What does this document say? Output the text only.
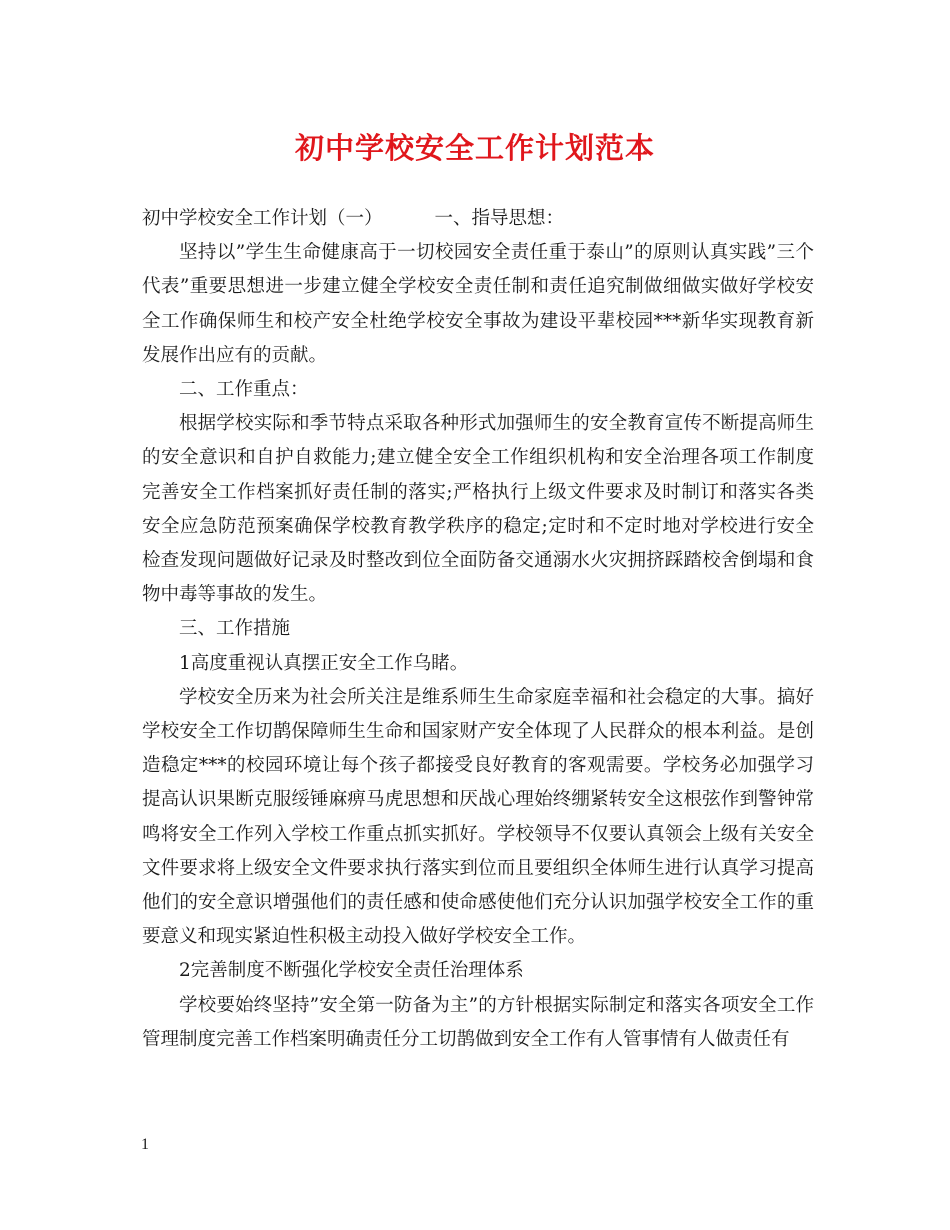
初中学校安全工作计划范本

初中学校安全工作计划（一）	一、指导思想：

坚持以”学生生命健康高于一切校园安全责任重于泰山”的原则认真实践”三个代表”重要思想进一步建立健全学校安全责任制和责任追究制做细做实做好学校安全工作确保师生和校产安全杜绝学校安全事故为建设平辈校园***新华实现教育新发展作出应有的贡献。

二、工作重点：

根据学校实际和季节特点采取各种形式加强师生的安全教育宣传不断提高师生的安全意识和自护自救能力;建立健全安全工作组织机构和安全治理各项工作制度完善安全工作档案抓好责任制的落实;严格执行上级文件要求及时制订和落实各类安全应急防范预案确保学校教育教学秩序的稳定;定时和不定时地对学校进行安全检查发现问题做好记录及时整改到位全面防备交通溺水火灾拥挤踩踏校舍倒塌和食物中毒等事故的发生。

三、工作措施

1高度重视认真摆正安全工作乌睹。

学校安全历来为社会所关注是维系师生生命家庭幸福和社会稳定的大事。搞好学校安全工作切鹊保障师生生命和国家财产安全体现了人民群众的根本利益。是创造稳定***的校园环境让每个孩子都接受良好教育的客观需要。学校务必加强学习提高认识果断克服绥锤麻痹马虎思想和厌战心理始终绷紧转安全这根弦作到警钟常鸣将安全工作列入学校工作重点抓实抓好。学校领导不仅要认真领会上级有关安全文件要求将上级安全文件要求执行落实到位而且要组织全体师生进行认真学习提高他们的安全意识增强他们的责任感和使命感使他们充分认识加强学校安全工作的重要意义和现实紧迫性积极主动投入做好学校安全工作。

2完善制度不断强化学校安全责任治理体系

学校要始终坚持”安全第一防备为主”的方针根据实际制定和落实各项安全工作管理制度完善工作档案明确责任分工切鹊做到安全工作有人管事情有人做责任有

1
